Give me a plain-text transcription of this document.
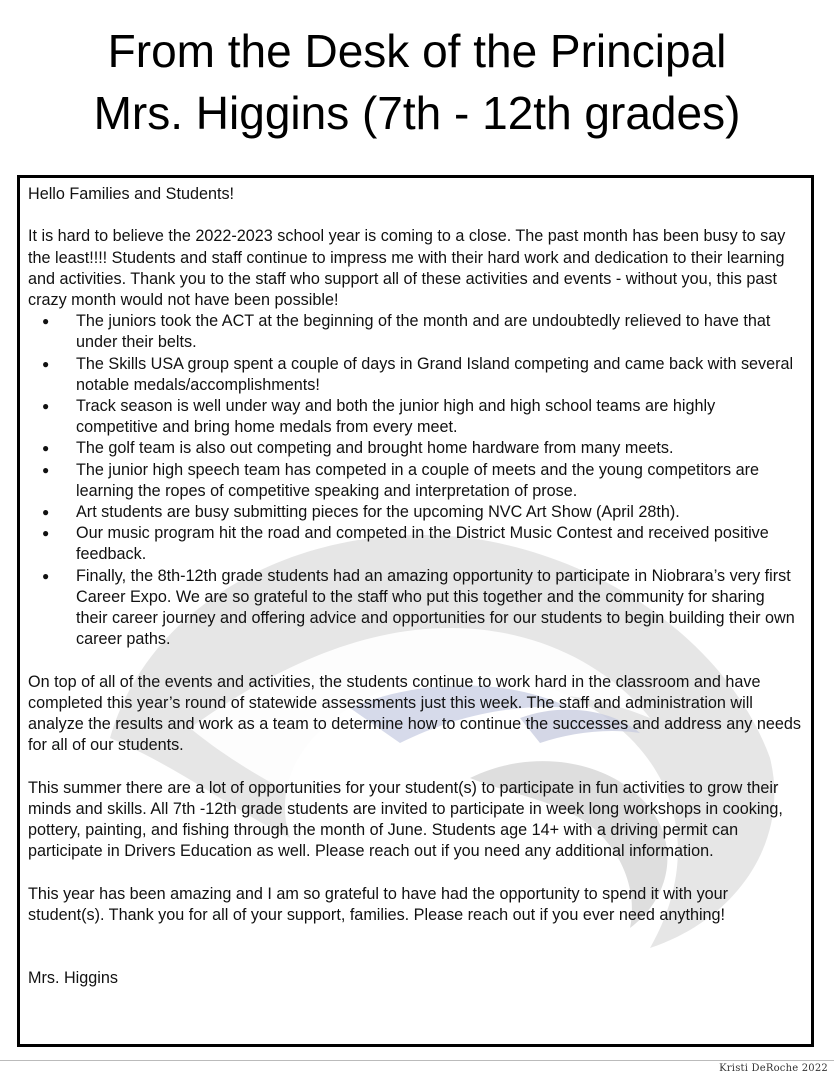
From the Desk of the Principal
Mrs. Higgins (7th - 12th grades)

Hello Families and Students!

It is hard to believe the 2022-2023 school year is coming to a close. The past month has been busy to say the least!!!! Students and staff continue to impress me with their hard work and dedication to their learning and activities. Thank you to the staff who support all of these activities and events - without you, this past crazy month would not have been possible!

● The juniors took the ACT at the beginning of the month and are undoubtedly relieved to have that under their belts.
● The Skills USA group spent a couple of days in Grand Island competing and came back with several notable medals/accomplishments!
● Track season is well under way and both the junior high and high school teams are highly competitive and bring home medals from every meet.
● The golf team is also out competing and brought home hardware from many meets.
● The junior high speech team has competed in a couple of meets and the young competitors are learning the ropes of competitive speaking and interpretation of prose.
● Art students are busy submitting pieces for the upcoming NVC Art Show (April 28th).
● Our music program hit the road and competed in the District Music Contest and received positive feedback.
● Finally, the 8th-12th grade students had an amazing opportunity to participate in Niobrara’s very first Career Expo. We are so grateful to the staff who put this together and the community for sharing their career journey and offering advice and opportunities for our students to begin building their own career paths.

On top of all of the events and activities, the students continue to work hard in the classroom and have completed this year’s round of statewide assessments just this week. The staff and administration will analyze the results and work as a team to determine how to continue the successes and address any needs for all of our students.

This summer there are a lot of opportunities for your student(s) to participate in fun activities to grow their minds and skills. All 7th -12th grade students are invited to participate in week long workshops in cooking, pottery, painting, and fishing through the month of June. Students age 14+ with a driving permit can participate in Drivers Education as well. Please reach out if you need any additional information.

This year has been amazing and I am so grateful to have had the opportunity to spend it with your student(s). Thank you for all of your support, families. Please reach out if you ever need anything!

Mrs. Higgins

Kristi DeRoche 2022
